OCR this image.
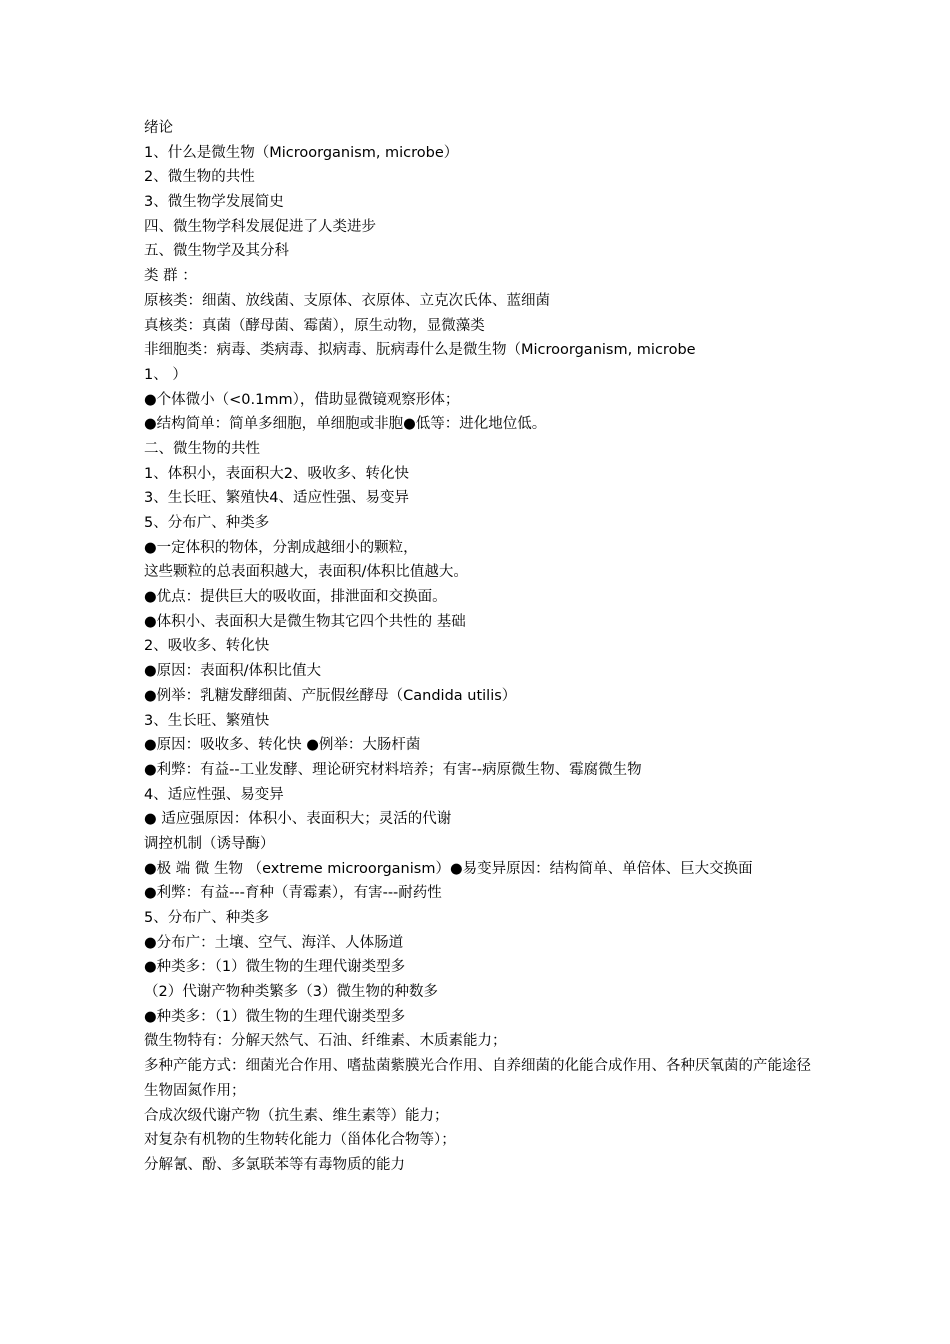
绪论
1、什么是微生物（Microorganism, microbe）
2、微生物的共性
3、微生物学发展简史
四、微生物学科发展促进了人类进步
五、微生物学及其分科
类 群 ：
原核类：细菌、放线菌、支原体、衣原体、立克次氏体、蓝细菌
真核类：真菌（酵母菌、霉菌），原生动物，显微藻类
非细胞类：病毒、类病毒、拟病毒、朊病毒什么是微生物（Microorganism, microbe
1、 ）
●个体微小（<0.1mm），借助显微镜观察形体；
●结构简单：简单多细胞，单细胞或非胞●低等：进化地位低。
二、微生物的共性
1、体积小，表面积大2、吸收多、转化快
3、生长旺、繁殖快4、适应性强、易变异
5、分布广、种类多
●一定体积的物体，分割成越细小的颗粒，
这些颗粒的总表面积越大，表面积/体积比值越大。
●优点：提供巨大的吸收面，排泄面和交换面。
●体积小、表面积大是微生物其它四个共性的 基础
2、吸收多、转化快
●原因：表面积/体积比值大
●例举：乳糖发酵细菌、产朊假丝酵母（Candida utilis）
3、生长旺、繁殖快
●原因：吸收多、转化快 ●例举：大肠杆菌
●利弊：有益--工业发酵、理论研究材料培养；有害--病原微生物、霉腐微生物
4、适应性强、易变异
● 适应强原因：体积小、表面积大；灵活的代谢
调控机制（诱导酶）
●极 端 微 生物 （extreme microorganism）●易变异原因：结构简单、单倍体、巨大交换面
●利弊：有益---育种（青霉素），有害---耐药性
5、分布广、种类多
●分布广：土壤、空气、海洋、人体肠道
●种类多：（1）微生物的生理代谢类型多
（2）代谢产物种类繁多（3）微生物的种数多
●种类多：（1）微生物的生理代谢类型多
微生物特有：分解天然气、石油、纤维素、木质素能力；
多种产能方式：细菌光合作用、嗜盐菌紫膜光合作用、自养细菌的化能合成作用、各种厌氧菌的产能途径
生物固氮作用；
合成次级代谢产物（抗生素、维生素等）能力；
对复杂有机物的生物转化能力（甾体化合物等）；
分解氰、酚、多氯联苯等有毒物质的能力
